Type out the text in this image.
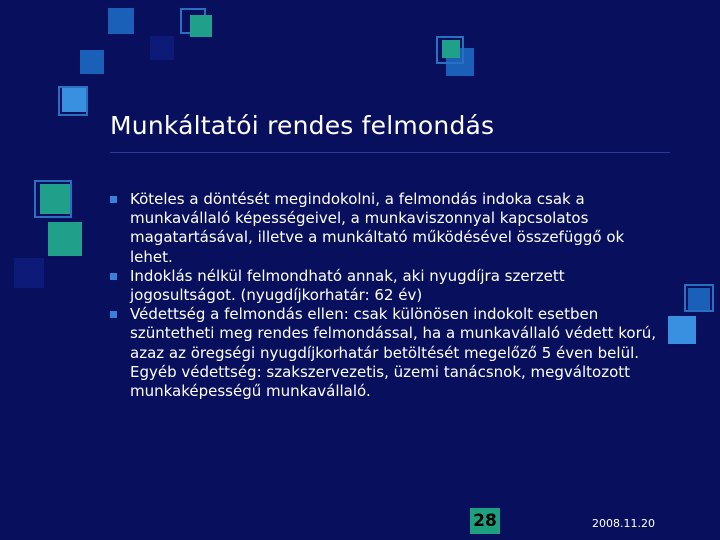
Munkáltatói rendes felmondás
Köteles a döntését megindokolni, a felmondás indoka csak a munkavállaló képességeivel, a munkaviszonnyal kapcsolatos magatartásával, illetve a munkáltató működésével összefüggő ok lehet.
Indoklás nélkül felmondható annak, aki nyugdíjra szerzett jogosultságot. (nyugdíjkorhatár: 62 év)
Védettség a felmondás ellen: csak különösen indokolt esetben szüntetheti meg rendes felmondással, ha a munkavállaló védett korú, azaz az öregségi nyugdíjkorhatár betöltését megelőző 5 éven belül. Egyéb védettség: szakszervezetis, üzemi tanácsnok, megváltozott munkaképességű munkavállaló.
28	2008.11.20
